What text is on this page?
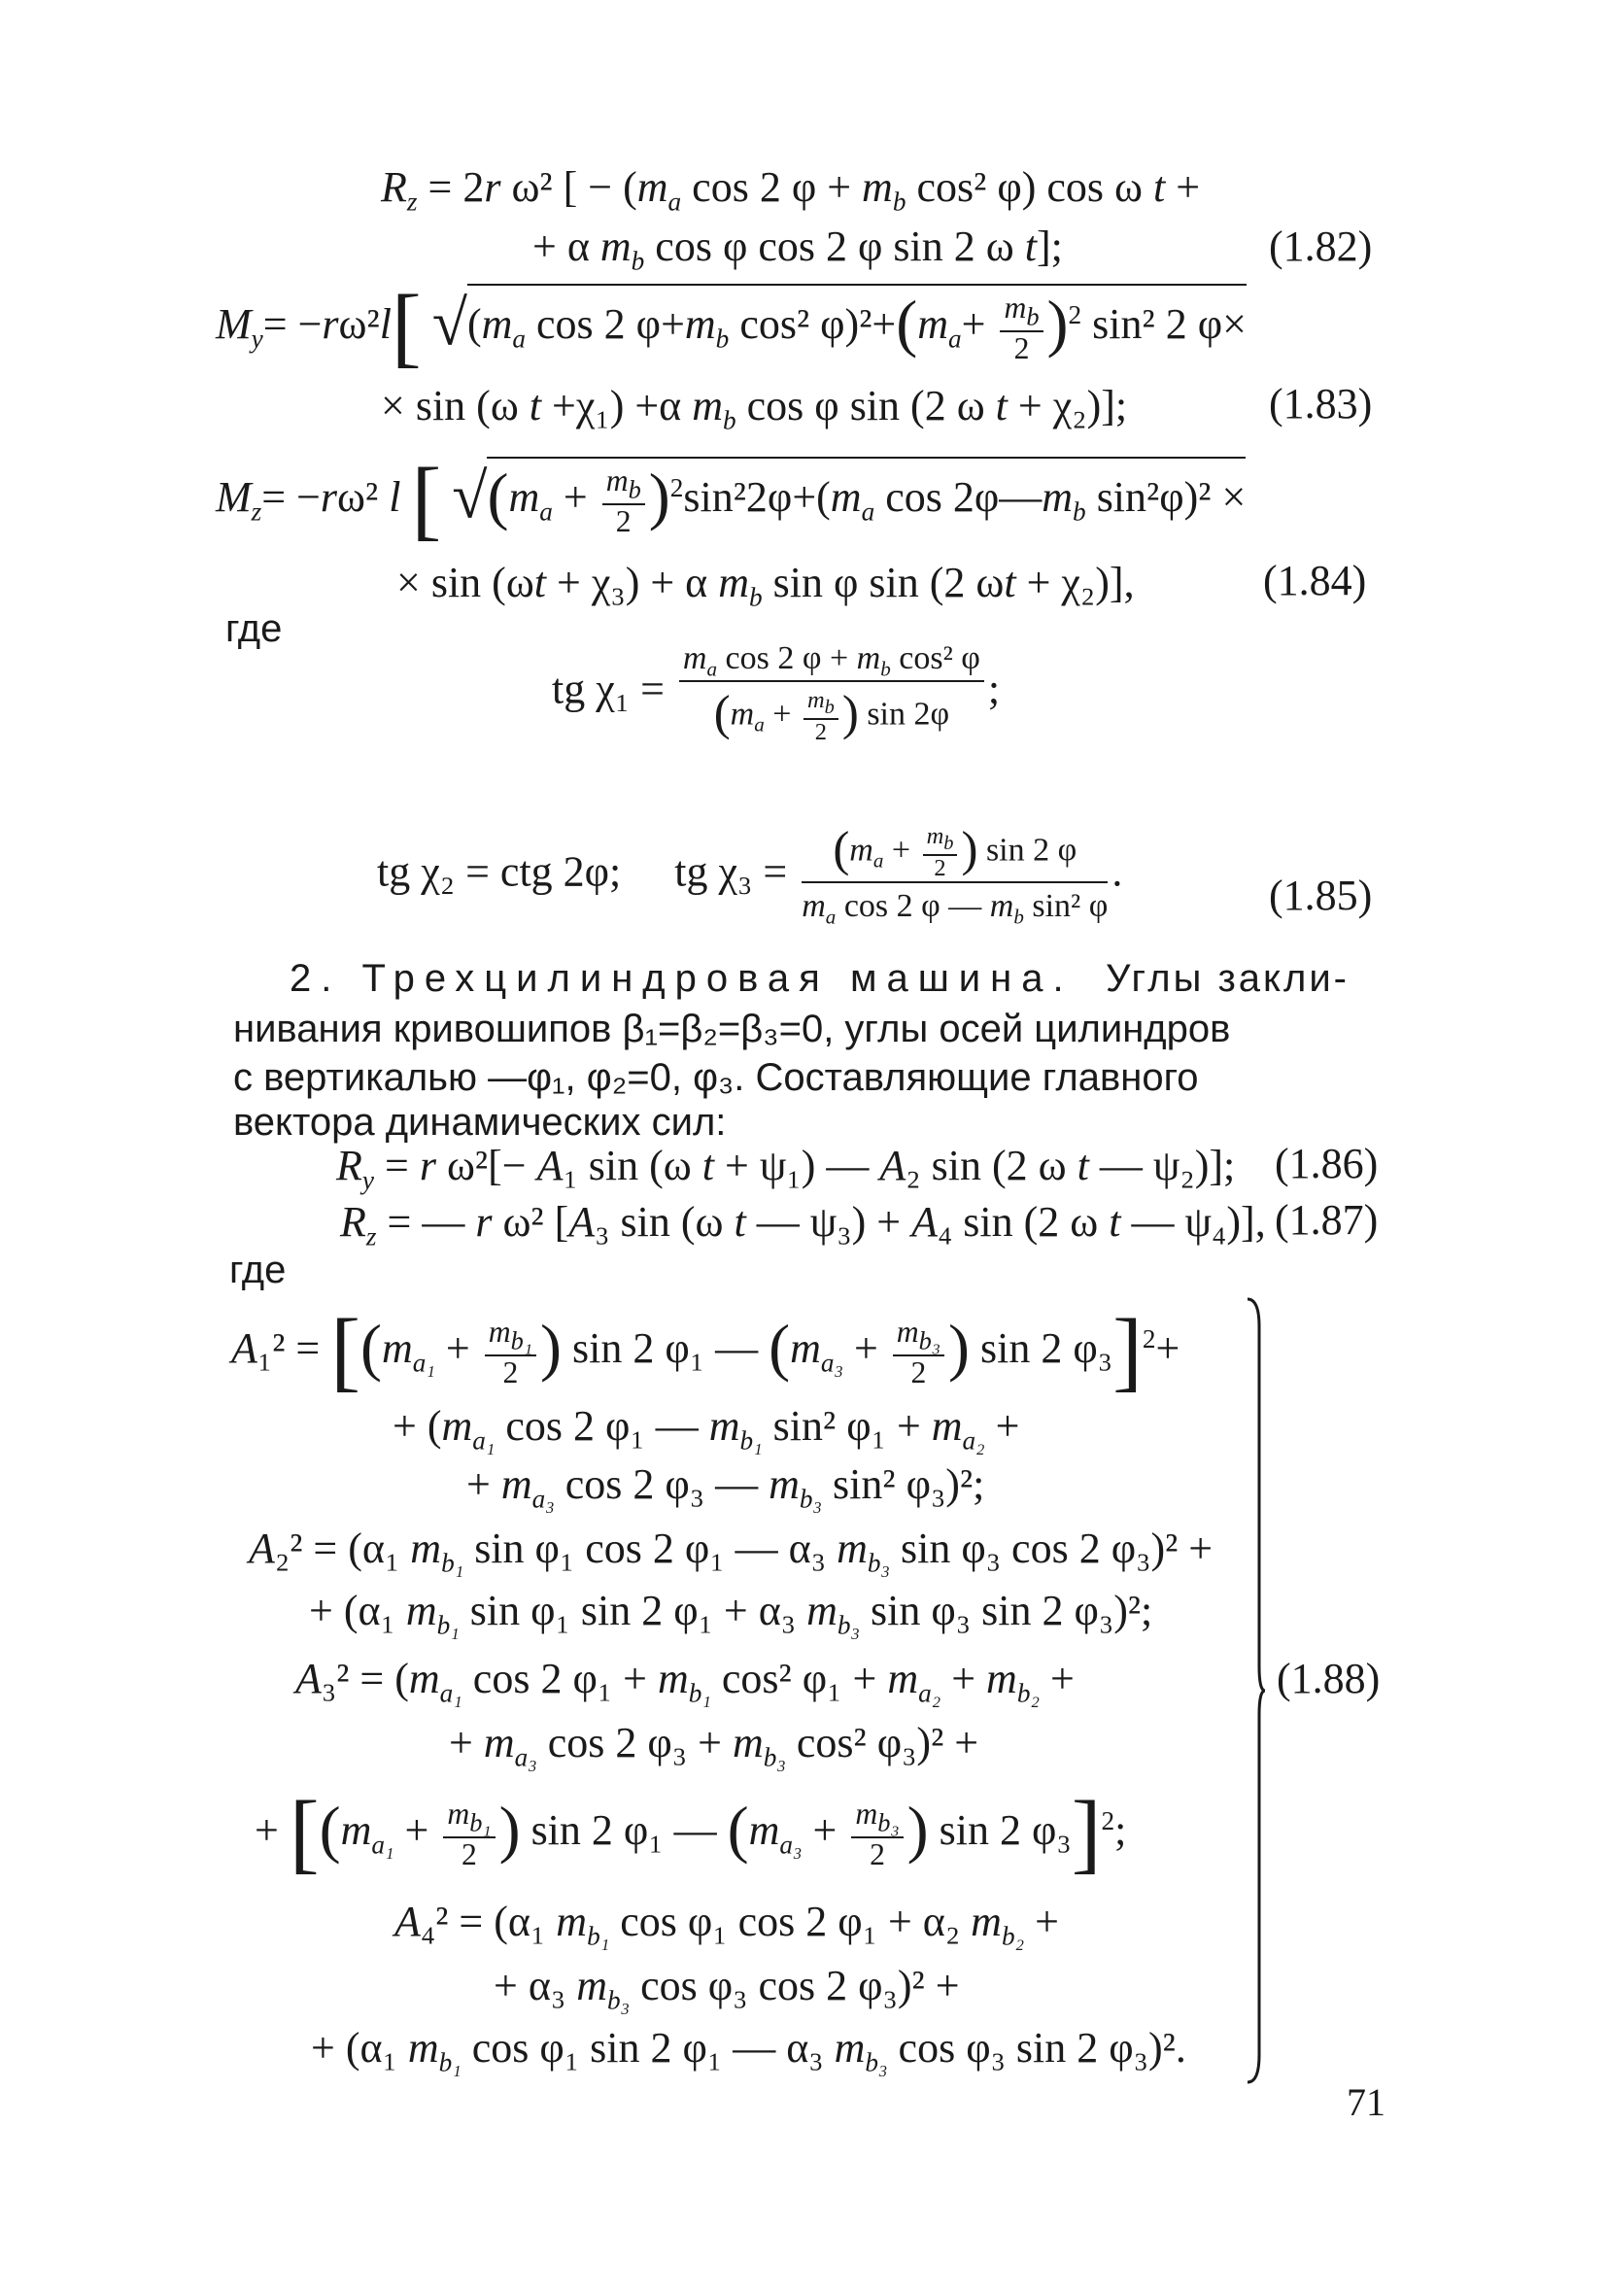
$R_z = 2r$ ω² [ − ($m_a$ cos 2 $\varphi + m_b$ cos² φ) cos ω t +
+ α $m_b$ cos φ cos 2 φ sin 2 ω t];	(1.82)
$M_y= -r\omega^2l$[ $√(m_a$ cos 2 $\varphi+m_b$ cos² $\varphi)^2+(m_a+ \frac{m_b}{2} )^2$ sin² 2 φ×
× sin (ω t +χ₁) +α $m_b$ cos φ sin (2 ω t + χ₂)];	(1.83)
$M_z= -r\omega^2$ l [ $√(m_a + \frac{m_b}{2} )^2\sin^22\varphi+(m_a$ $\cos 2\varphi—m_b$ sin²φ)² ×
× sin (ωt + χ₃) + α $m_b$ sin φ sin (2 ωt + χ₂)],	(1.84)
где
tg $\chi_1 = \frac{m_a \cos 2 \varphi + m_b \cos^2 \varphi}{(m_a + \frac{m_b}{2} ) \sin 2\varphi}$ ;
tg χ₂ = ctg 2φ;     tg $\chi_3 = \frac{(m_a + \frac{m_b}{2} ) \sin 2 \varphi}{m_a \cos 2 \varphi — m_b \sin^2 \varphi}$ .
(1.85)
2. Трехцилиндровая машина. Углы закли-
нивания кривошипов β₁=β₂=β₃=0, углы осей цилиндров
с вертикалью —φ₁, φ₂=0, φ₃. Составляющие главного
вектора динамических сил:
$R_y = r$ ω²[− A₁ sin (ω t + ψ₁) — A₂ sin (2 ω t — ψ₂)]; (1.86)
$R_z$ = — r ω² [A₃ sin (ω t — ψ₃) + A₄ sin (2 ω t — ψ₄)], (1.87)
где
$A_1^2 = [(m_{a_1} + \frac{m_{b_1}}{2}$ ) sin 2 φ₁ — ($m_{a_3} + \frac{m_{b_3}}{2}$ ) sin 2 φ₃]$^2$+
+ ($m_{a_1}$ cos 2 φ₁ — $m_{b_1}$ sin² $\varphi_1 + m_{a_2}$ +
+ $m_{a_3}$ cos 2 φ₃ — $m_{b_3}$ sin² φ₃)²;
A₂² = (α₁ $m_{b_1}$ sin φ₁ cos 2 φ₁ — α₃ $m_{b_3}$ sin φ₃ cos 2 φ₃)² +
+ (α₁ $m_{b_1}$ sin φ₁ sin 2 φ₁ + α₃ $m_{b_3}$ sin φ₃ sin 2 φ₃)²;
$A_3^2 = (m_{a_1}$ cos 2 $\varphi_1 + m_{b_1}$ cos² $\varphi_1 + m_{a_2} + m_{b_2}$ +	(1.88)
+ $m_{a_3}$ cos 2 $\varphi_3 + m_{b_3}$ cos² φ₃)² +
+ [($m_{a_1} + \frac{m_{b_1}}{2}$ ) sin 2 φ₁ — ($m_{a_3} + \frac{m_{b_3}}{2}$ ) sin 2 φ₃]$^2$;
A₄² = (α₁ $m_{b_1}$ cos φ₁ cos 2 φ₁ + α₂ $m_{b_2}$ +
+ α₃ $m_{b_3}$ cos φ₃ cos 2 φ₃)² +
+ (α₁ $m_{b_1}$ cos φ₁ sin 2 φ₁ — α₃ $m_{b_3}$ cos φ₃ sin 2 φ₃)².
71
